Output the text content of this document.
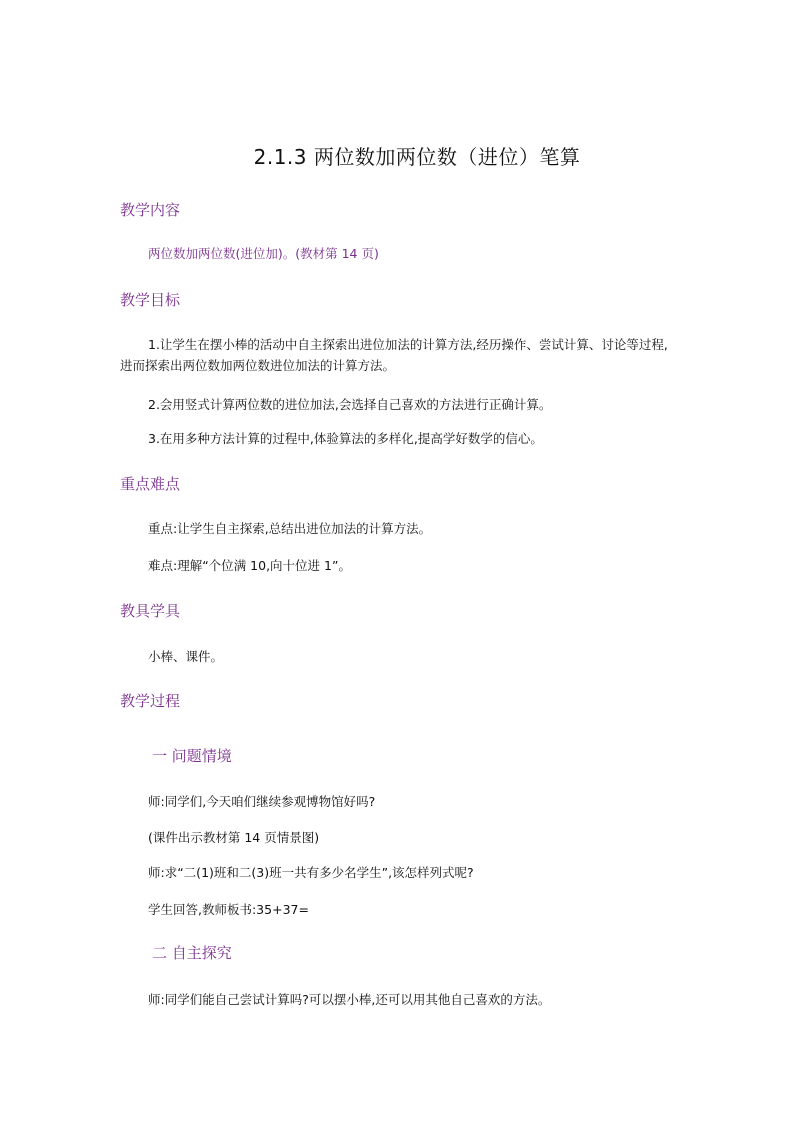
2.1.3 两位数加两位数（进位）笔算
教学内容
两位数加两位数(进位加)。(教材第 14 页)
教学目标
1.让学生在摆小棒的活动中自主探索出进位加法的计算方法,经历操作、尝试计算、讨论等过程,进而探索出两位数加两位数进位加法的计算方法。
2.会用竖式计算两位数的进位加法,会选择自己喜欢的方法进行正确计算。
3.在用多种方法计算的过程中,体验算法的多样化,提高学好数学的信心。
重点难点
重点:让学生自主探索,总结出进位加法的计算方法。
难点:理解“个位满 10,向十位进 1”。
教具学具
小棒、课件。
教学过程
一 问题情境
师:同学们,今天咱们继续参观博物馆好吗?
(课件出示教材第 14 页情景图)
师:求“二(1)班和二(3)班一共有多少名学生”,该怎样列式呢?
学生回答,教师板书:35+37=
二 自主探究
师:同学们能自己尝试计算吗?可以摆小棒,还可以用其他自己喜欢的方法。
